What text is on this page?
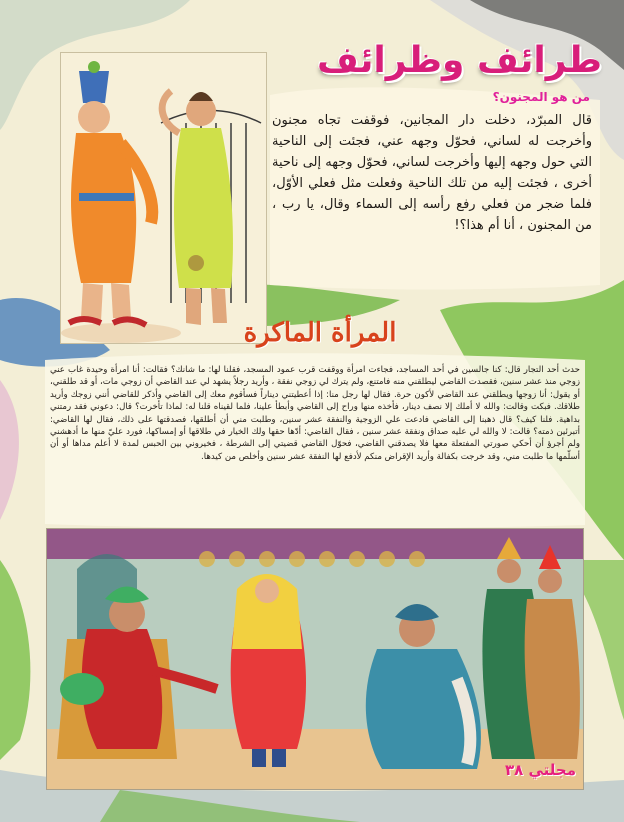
طرائف وظرائف
من هو المجنون؟

قال المبرّد، دخلت دار المجانين، فوقفت تجاه مجنون وأخرجت له لساني، فحوّل وجهه عني، فجئت إلى الناحية التي حول وجهه إليها وأخرجت لساني، فحوّل وجهه إلى ناحية أخرى ، فجئت إليه من تلك الناحية وفعلت مثل فعلي الأوّل، فلما ضجر من فعلي رفع رأسه إلى السماء وقال، يا رب ، من المجنون ، أنا أم هذا؟!

المرأة الماكرة

حدث أحد التجار قال: كنا جالسين في أحد المساجد، فجاءت امرأة ووقفت قرب عمود المسجد، فقلنا لها: ما شانك؟ فقالت: أنا امرأة وحيدة غاب عني زوجي منذ عشر سنين، فقصدت القاضي ليطلقني منه فامتنع، ولم يترك لي زوجي نفقة ، وأريد رجلاً يشهد لي عند القاضي أن زوجي مات، أو قد طلقني، أو يقول: أنا زوجها ويطلقني عند القاضي لأكون حرة. فقال لها رجل منا: إذا أعطيتني ديناراً فسأقوم معك إلى القاضي وأذكر للقاضي أنني زوجك وأريد طلاقك. فبكت وقالت: والله لا أملك إلا نصف دينار، فأخذه منها وراح إلى القاضي وأبطأ علينا، فلما لقيناه قلنا له: لماذا تأخرت؟ قال: دعوني فقد رمتني بداهية. فلنا كيف؟ قال ذهبنا إلى القاضي فادعت علي الزوجية والنفقة عشر سنين، وطلبت مني أن أطلقها، فصدقتها على ذلك، فقال لها القاضي: أتبرئين ذمته؟ قالت: لا والله لي عليه صداق ونفقة عشر سنين ، فقال القاضي: أدّها حقها ولك الخيار في طلاقها أو إمساكها، فورد عليّ منها ما أدهشني ولم أجرؤ أن أحكي صورتي المفتعلة معها فلا يصدقني القاضي، فحوّل القاضي قضيتي إلى الشرطة ، فخيروني بين الحبس لمدة لا أعلم مداها أو أن أسلّمها ما طلبت مني، وقد خرجت بكفالة وأريد الإقراض منكم لأدفع لها النفقة عشر سنين وأخلص من كيدها.

مجلتي ٣٨
